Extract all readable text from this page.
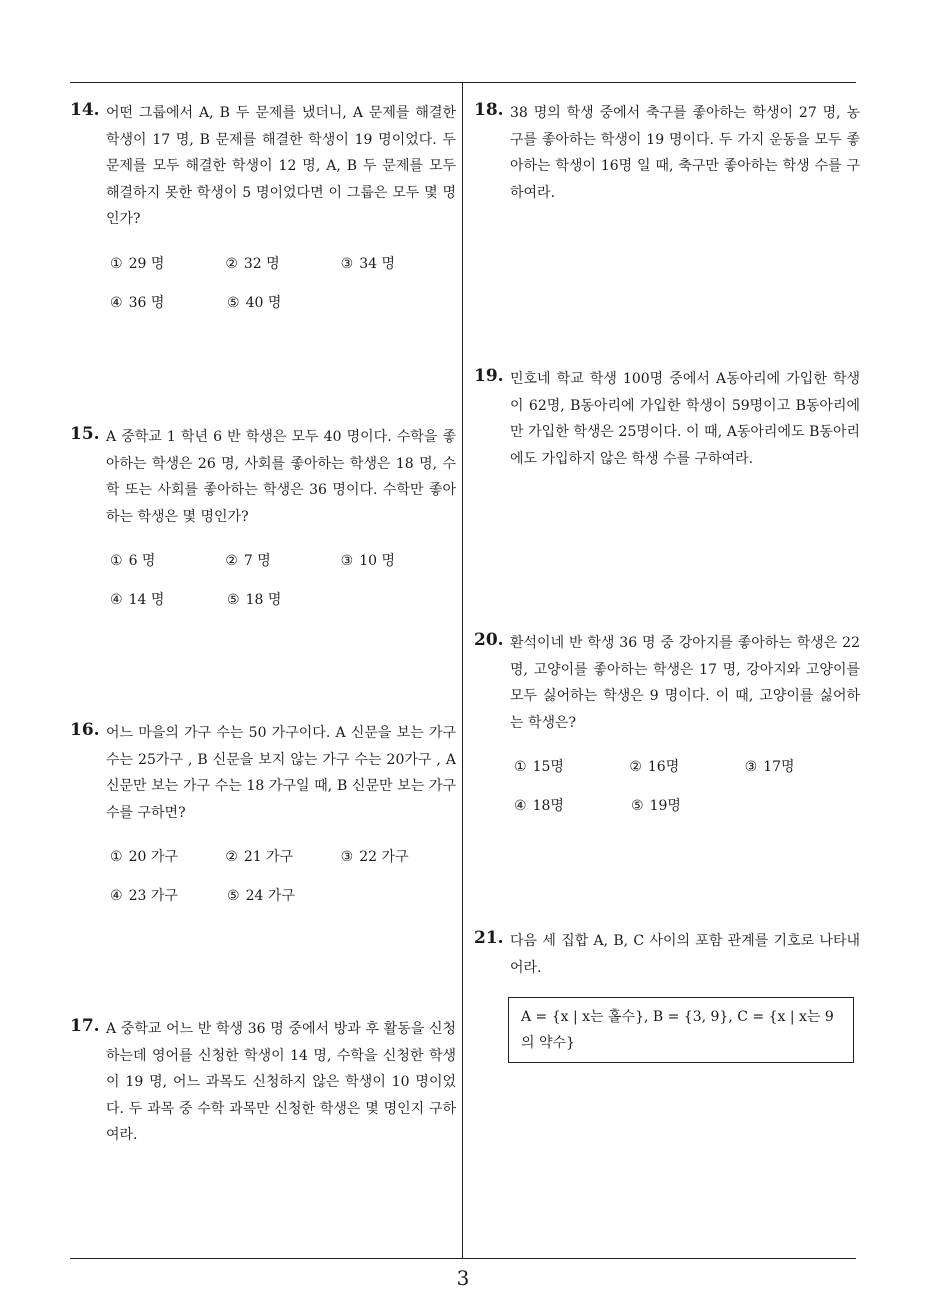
14. 어떤 그룹에서 A, B 두 문제를 냈더니, A 문제를 해결한 학생이 17 명, B 문제를 해결한 학생이 19 명이었다. 두 문제를 모두 해결한 학생이 12 명, A, B 두 문제를 모두 해결하지 못한 학생이 5 명이었다면 이 그룹은 모두 몇 명인가?
① 29 명	② 32 명	③ 34 명
④ 36 명	⑤ 40 명
15. A 중학교 1 학년 6 반 학생은 모두 40 명이다. 수학을 좋아하는 학생은 26 명, 사회를 좋아하는 학생은 18 명, 수학 또는 사회를 좋아하는 학생은 36 명이다. 수학만 좋아하는 학생은 몇 명인가?
① 6 명	② 7 명	③ 10 명
④ 14 명	⑤ 18 명
16. 어느 마을의 가구 수는 50 가구이다. A 신문을 보는 가구 수는 25가구 , B 신문을 보지 않는 가구 수는 20가구 , A 신문만 보는 가구 수는 18 가구일 때, B 신문만 보는 가구 수를 구하면?
① 20 가구	② 21 가구	③ 22 가구
④ 23 가구	⑤ 24 가구
17. A 중학교 어느 반 학생 36 명 중에서 방과 후 활동을 신청하는데 영어를 신청한 학생이 14 명, 수학을 신청한 학생이 19 명, 어느 과목도 신청하지 않은 학생이 10 명이었다. 두 과목 중 수학 과목만 신청한 학생은 몇 명인지 구하여라.
18. 38 명의 학생 중에서 축구를 좋아하는 학생이 27 명, 농구를 좋아하는 학생이 19 명이다. 두 가지 운동을 모두 좋아하는 학생이 16명 일 때, 축구만 좋아하는 학생 수를 구하여라.
19. 민호네 학교 학생 100명 중에서 A동아리에 가입한 학생이 62명, B동아리에 가입한 학생이 59명이고 B동아리에만 가입한 학생은 25명이다. 이 때, A동아리에도 B동아리에도 가입하지 않은 학생 수를 구하여라.
20. 환석이네 반 학생 36 명 중 강아지를 좋아하는 학생은 22 명, 고양이를 좋아하는 학생은 17 명, 강아지와 고양이를 모두 싫어하는 학생은 9 명이다. 이 때, 고양이를 싫어하는 학생은?
① 15명	② 16명	③ 17명
④ 18명	⑤ 19명
21. 다음 세 집합 A, B, C 사이의 포함 관계를 기호로 나타내어라.
A = {x | x는 홀수}, B = {3, 9}, C = {x | x는 9의 약수}
3
